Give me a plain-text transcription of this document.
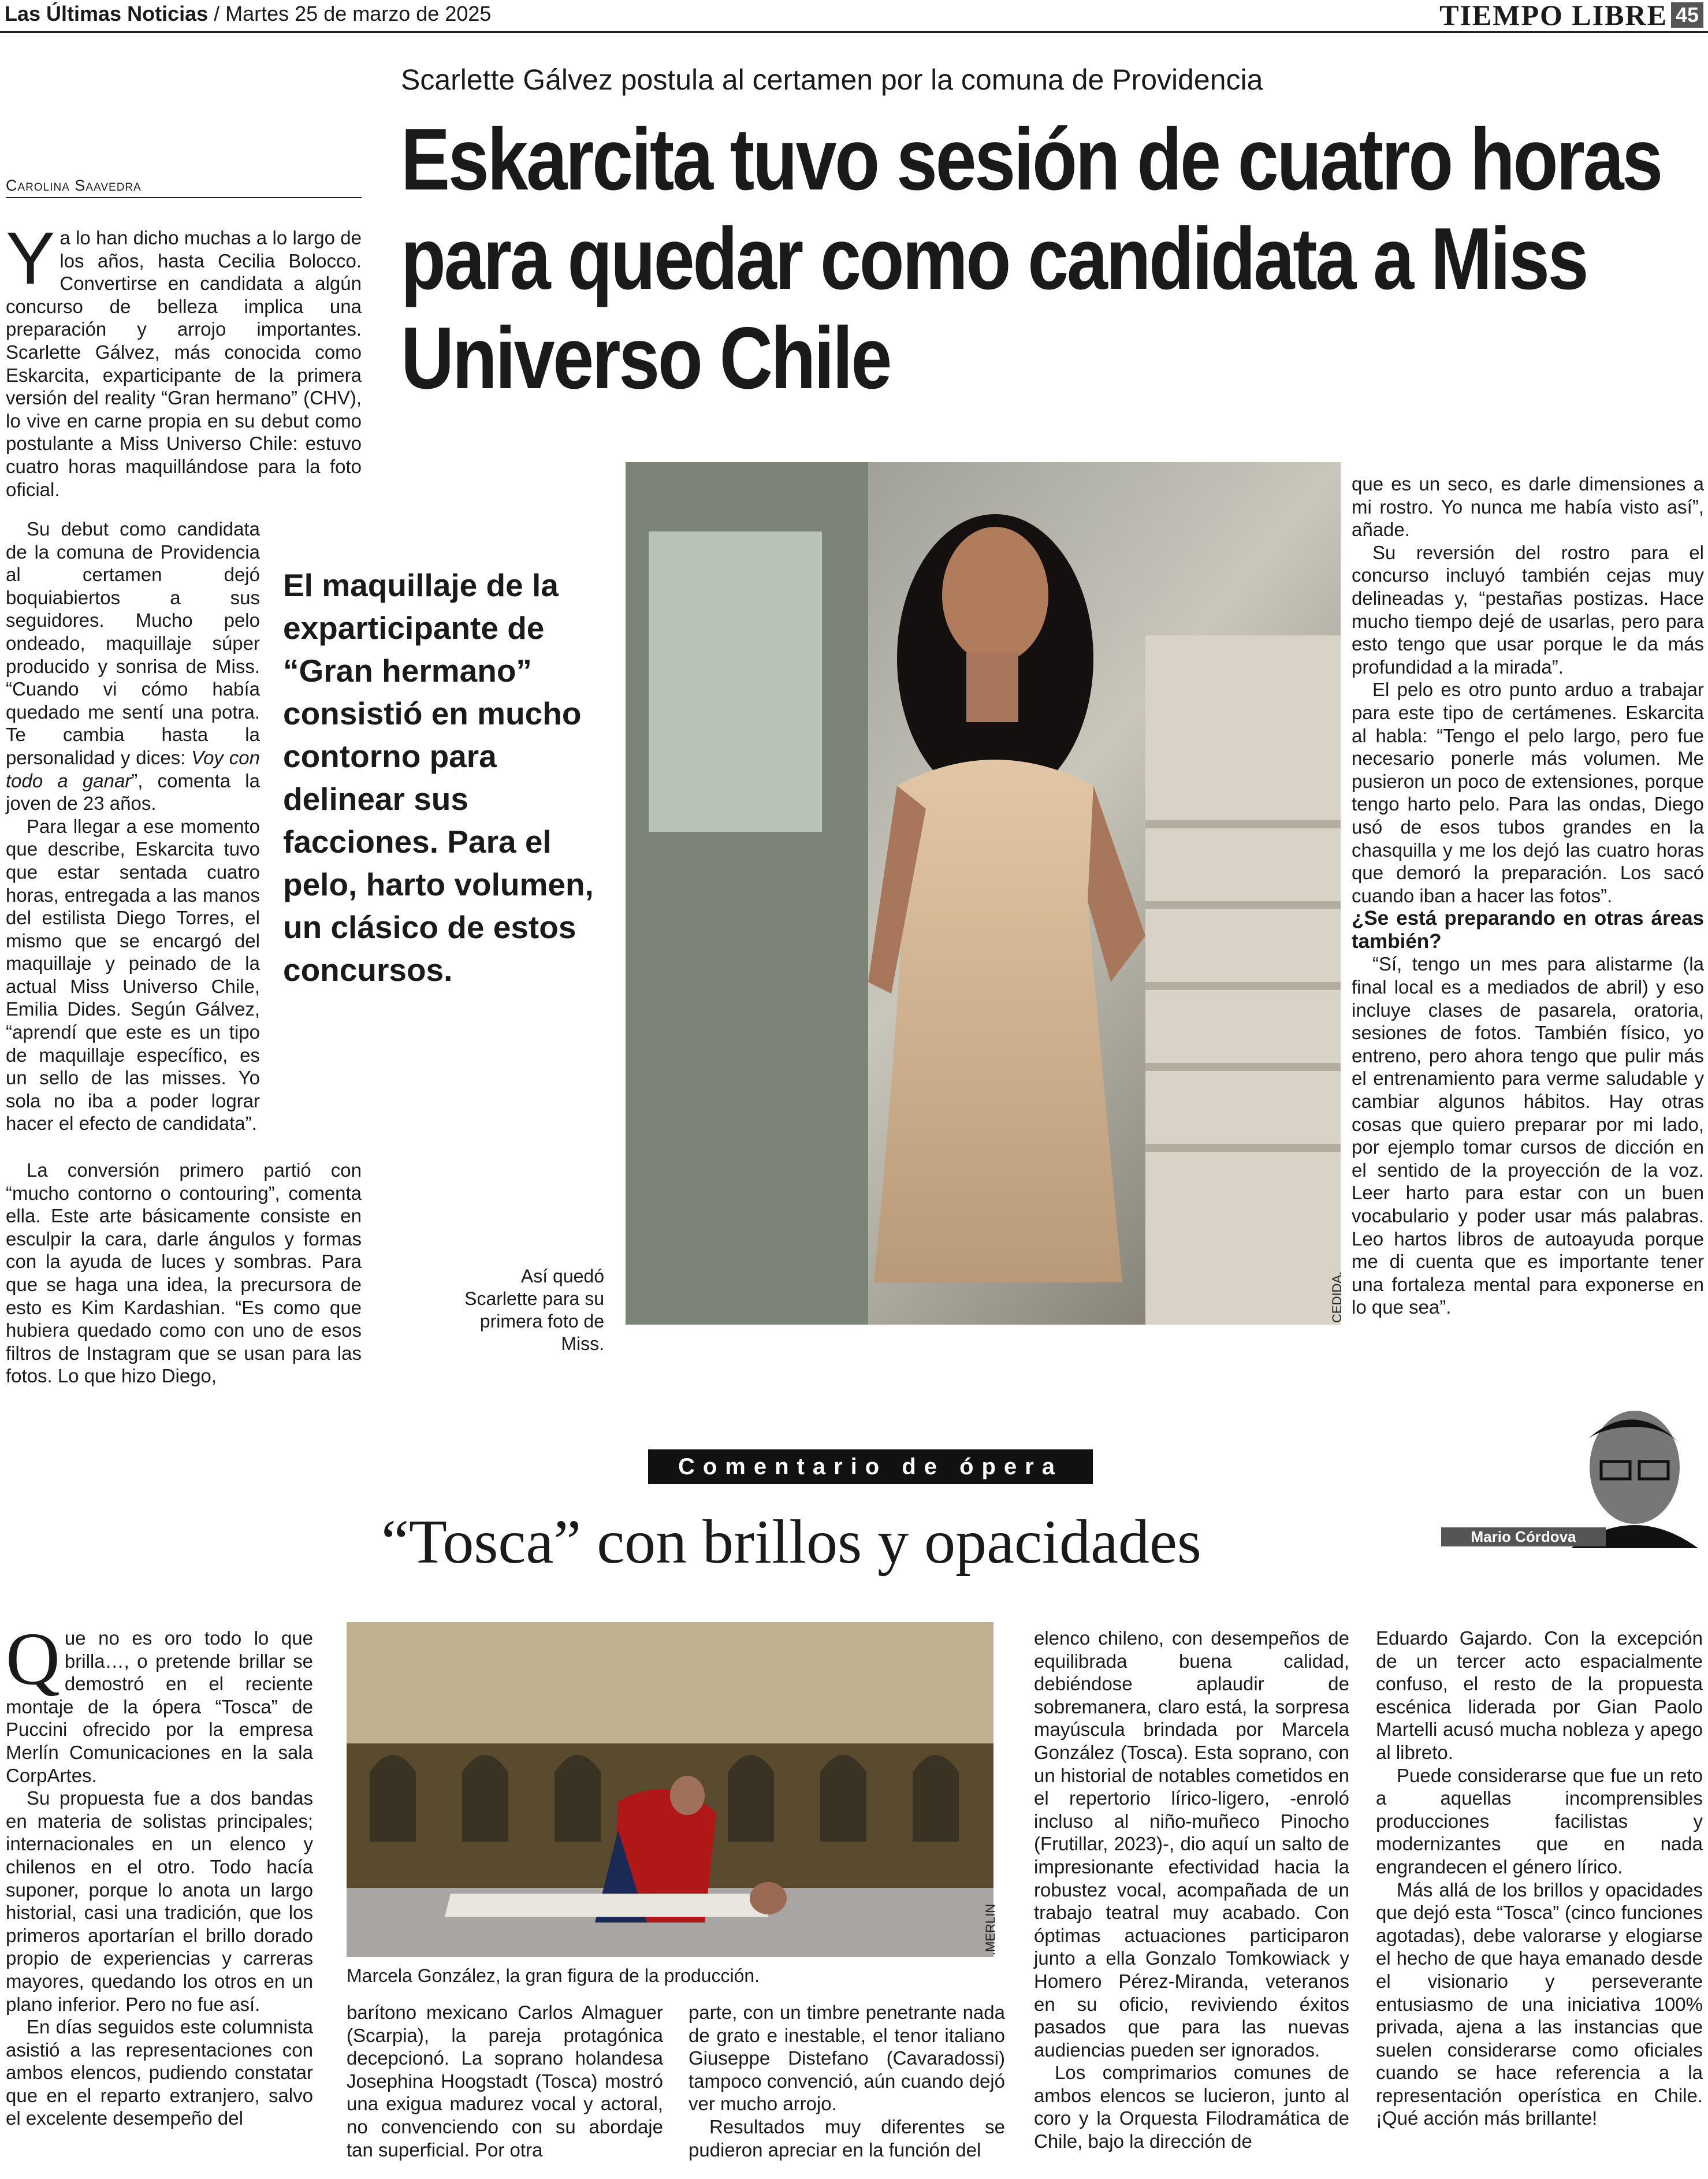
Las Últimas Noticias / Martes 25 de marzo de 2025	TIEMPO LIBRE 45
Scarlette Gálvez postula al certamen por la comuna de Providencia
Eskarcita tuvo sesión de cuatro horas para quedar como candidata a Miss Universo Chile
Carolina Saavedra

Ya lo han dicho muchas a lo largo de los años, hasta Cecilia Bolocco. Convertirse en candidata a algún concurso de belleza implica una preparación y arrojo importantes. Scarlette Gálvez, más conocida como Eskarcita, exparticipante de la primera versión del reality “Gran hermano” (CHV), lo vive en carne propia en su debut como postulante a Miss Universo Chile: estuvo cuatro horas maquillándose para la foto oficial.

Su debut como candidata de la comuna de Providencia al certamen dejó boquiabiertos a sus seguidores. Mucho pelo ondeado, maquillaje súper producido y sonrisa de Miss. “Cuando vi cómo había quedado me sentí una potra. Te cambia hasta la personalidad y dices: Voy con todo a ganar”, comenta la joven de 23 años.

Para llegar a ese momento que describe, Eskarcita tuvo que estar sentada cuatro horas, entregada a las manos del estilista Diego Torres, el mismo que se encargó del maquillaje y peinado de la actual Miss Universo Chile, Emilia Dides. Según Gálvez, “aprendí que este es un tipo de maquillaje específico, es un sello de las misses. Yo sola no iba a poder lograr hacer el efecto de candidata”.

La conversión primero partió con “mucho contorno o contouring”, comenta ella. Este arte básicamente consiste en esculpir la cara, darle ángulos y formas con la ayuda de luces y sombras. Para que se haga una idea, la precursora de esto es Kim Kardashian. “Es como que hubiera quedado como con uno de esos filtros de Instagram que se usan para las fotos. Lo que hizo Diego,

El maquillaje de la exparticipante de “Gran hermano” consistió en mucho contorno para delinear sus facciones. Para el pelo, harto volumen, un clásico de estos concursos.
CEDIDA.
Así quedó Scarlette para su primera foto de Miss.

que es un seco, es darle dimensiones a mi rostro. Yo nunca me había visto así”, añade.

Su reversión del rostro para el concurso incluyó también cejas muy delineadas y, “pestañas postizas. Hace mucho tiempo dejé de usarlas, pero para esto tengo que usar porque le da más profundidad a la mirada”.

El pelo es otro punto arduo a trabajar para este tipo de certámenes. Eskarcita al habla: “Tengo el pelo largo, pero fue necesario ponerle más volumen. Me pusieron un poco de extensiones, porque tengo harto pelo. Para las ondas, Diego usó de esos tubos grandes en la chasquilla y me los dejó las cuatro horas que demoró la preparación. Los sacó cuando iban a hacer las fotos”.

¿Se está preparando en otras áreas también?

“Sí, tengo un mes para alistarme (la final local es a mediados de abril) y eso incluye clases de pasarela, oratoria, sesiones de fotos. También físico, yo entreno, pero ahora tengo que pulir más el entrenamiento para verme saludable y cambiar algunos hábitos. Hay otras cosas que quiero preparar por mi lado, por ejemplo tomar cursos de dicción en el sentido de la proyección de la voz. Leer harto para estar con un buen vocabulario y poder usar más palabras. Leo hartos libros de autoayuda porque me di cuenta que es importante tener una fortaleza mental para exponerse en lo que sea”.

Comentario de ópera
“Tosca” con brillos y opacidades	Mario Córdova

Que no es oro todo lo que brilla…, o pretende brillar se demostró en el reciente montaje de la ópera “Tosca” de Puccini ofrecido por la empresa Merlín Comunicaciones en la sala CorpArtes.

Su propuesta fue a dos bandas en materia de solistas principales; internacionales en un elenco y chilenos en el otro. Todo hacía suponer, porque lo anota un largo historial, casi una tradición, que los primeros aportarían el brillo dorado propio de experiencias y carreras mayores, quedando los otros en un plano inferior. Pero no fue así.

En días seguidos este columnista asistió a las representaciones con ambos elencos, pudiendo constatar que en el reparto extranjero, salvo el excelente desempeño del

.MERLIN
Marcela González, la gran figura de la producción.

barítono mexicano Carlos Almaguer (Scarpia), la pareja protagónica decepcionó. La soprano holandesa Josephina Hoogstadt (Tosca) mostró una exigua madurez vocal y actoral, no convenciendo con su abordaje tan superficial. Por otra

parte, con un timbre penetrante nada de grato e inestable, el tenor italiano Giuseppe Distefano (Cavaradossi) tampoco convenció, aún cuando dejó ver mucho arrojo.

Resultados muy diferentes se pudieron apreciar en la función del

elenco chileno, con desempeños de equilibrada buena calidad, debiéndose aplaudir de sobremanera, claro está, la sorpresa mayúscula brindada por Marcela González (Tosca). Esta soprano, con un historial de notables cometidos en el repertorio lírico-ligero, -enroló incluso al niño-muñeco Pinocho (Frutillar, 2023)-, dio aquí un salto de impresionante efectividad hacia la robustez vocal, acompañada de un trabajo teatral muy acabado. Con óptimas actuaciones participaron junto a ella Gonzalo Tomkowiack y Homero Pérez-Miranda, veteranos en su oficio, reviviendo éxitos pasados que para las nuevas audiencias pueden ser ignorados.

Los comprimarios comunes de ambos elencos se lucieron, junto al coro y la Orquesta Filodramática de Chile, bajo la dirección de

Eduardo Gajardo. Con la excepción de un tercer acto espacialmente confuso, el resto de la propuesta escénica liderada por Gian Paolo Martelli acusó mucha nobleza y apego al libreto.

Puede considerarse que fue un reto a aquellas incomprensibles producciones facilistas y modernizantes que en nada engrandecen el género lírico.

Más allá de los brillos y opacidades que dejó esta “Tosca” (cinco funciones agotadas), debe valorarse y elogiarse el hecho de que haya emanado desde el visionario y perseverante entusiasmo de una iniciativa 100% privada, ajena a las instancias que suelen considerarse como oficiales cuando se hace referencia a la representación operística en Chile. ¡Qué acción más brillante!
